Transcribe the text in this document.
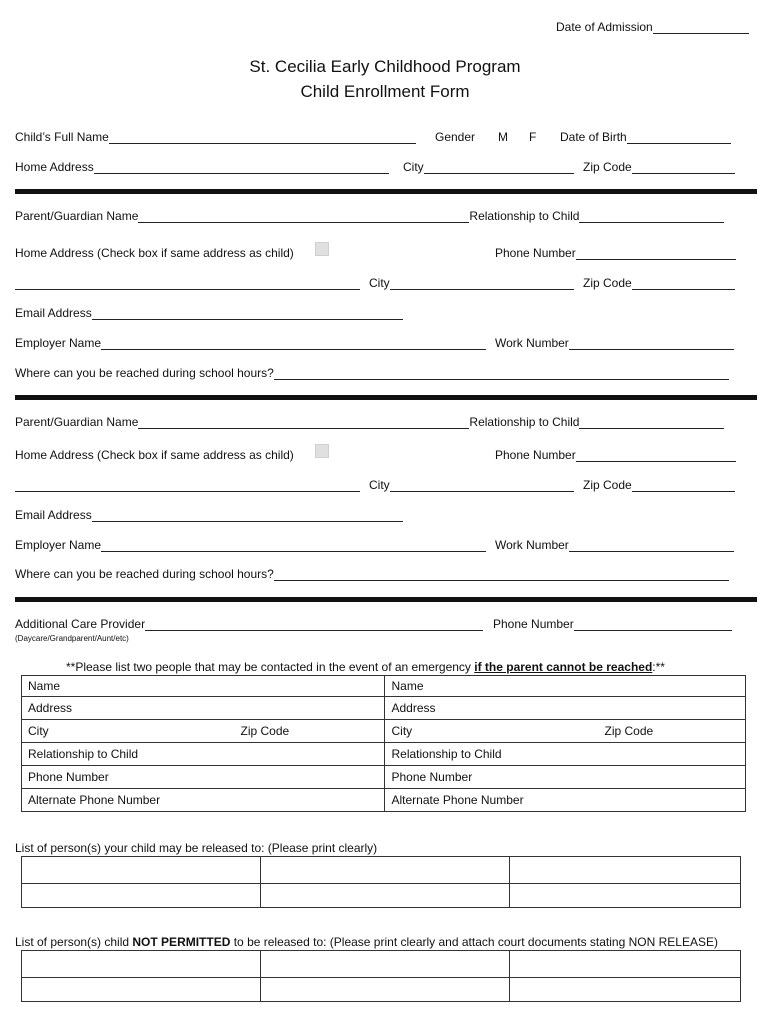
Date of Admission
St. Cecilia Early Childhood Program
Child Enrollment Form
Child’s Full Name	Gender M F Date of Birth
Home Address	City	Zip Code
Parent/Guardian Name	Relationship to Child
Home Address (Check box if same address as child)	Phone Number
City	Zip Code
Email Address
Employer Name	Work Number
Where can you be reached during school hours?
Parent/Guardian Name	Relationship to Child
Home Address (Check box if same address as child)	Phone Number
City	Zip Code
Email Address
Employer Name	Work Number
Where can you be reached during school hours?
Additional Care Provider	Phone Number
(Daycare/Grandparent/Aunt/etc)
**Please list two people that may be contacted in the event of an emergency if the parent cannot be reached:**
Name	Name
Address	Address
City Zip Code	City Zip Code

Relationship to Child	Relationship to Child
Phone Number	Phone Number
Alternate Phone Number	Alternate Phone Number
List of person(s) your child may be released to: (Please print clearly)

List of person(s) child NOT PERMITTED to be released to: (Please print clearly and attach court documents stating NON RELEASE)
